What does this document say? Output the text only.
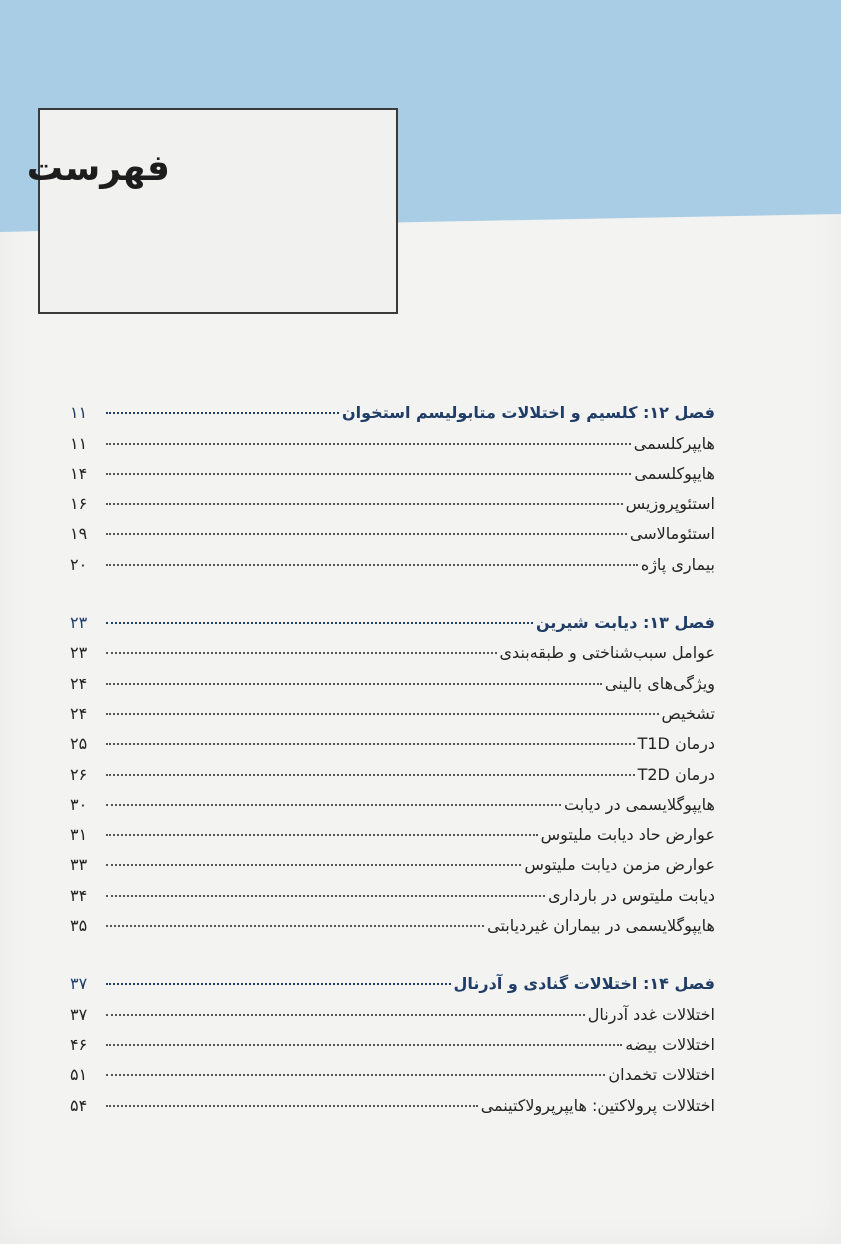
فهرست
فصل ۱۲: کلسیم و اختلالات متابولیسم استخوان
۱۱
هایپرکلسمی
۱۱
هایپوکلسمی
۱۴
استئوپروزیس
۱۶
استئومالاسی
۱۹
بیماری پاژه
۲۰
فصل ۱۳: دیابت شیرین
۲۳
عوامل سبب‌شناختی و طبقه‌بندی
۲۳
ویژگی‌های بالینی
۲۴
تشخیص
۲۴
درمان T1D
۲۵
درمان T2D
۲۶
هایپوگلایسمی در دیابت
۳۰
عوارض حاد دیابت ملیتوس
۳۱
عوارض مزمن دیابت ملیتوس
۳۳
دیابت ملیتوس در بارداری
۳۴
هایپوگلایسمی در بیماران غیردیابتی
۳۵
فصل ۱۴: اختلالات گنادی و آدرنال
۳۷
اختلالات غدد آدرنال
۳۷
اختلالات بیضه
۴۶
اختلالات تخمدان
۵۱
اختلالات پرولاکتین: هایپرپرولاکتینمی
۵۴
